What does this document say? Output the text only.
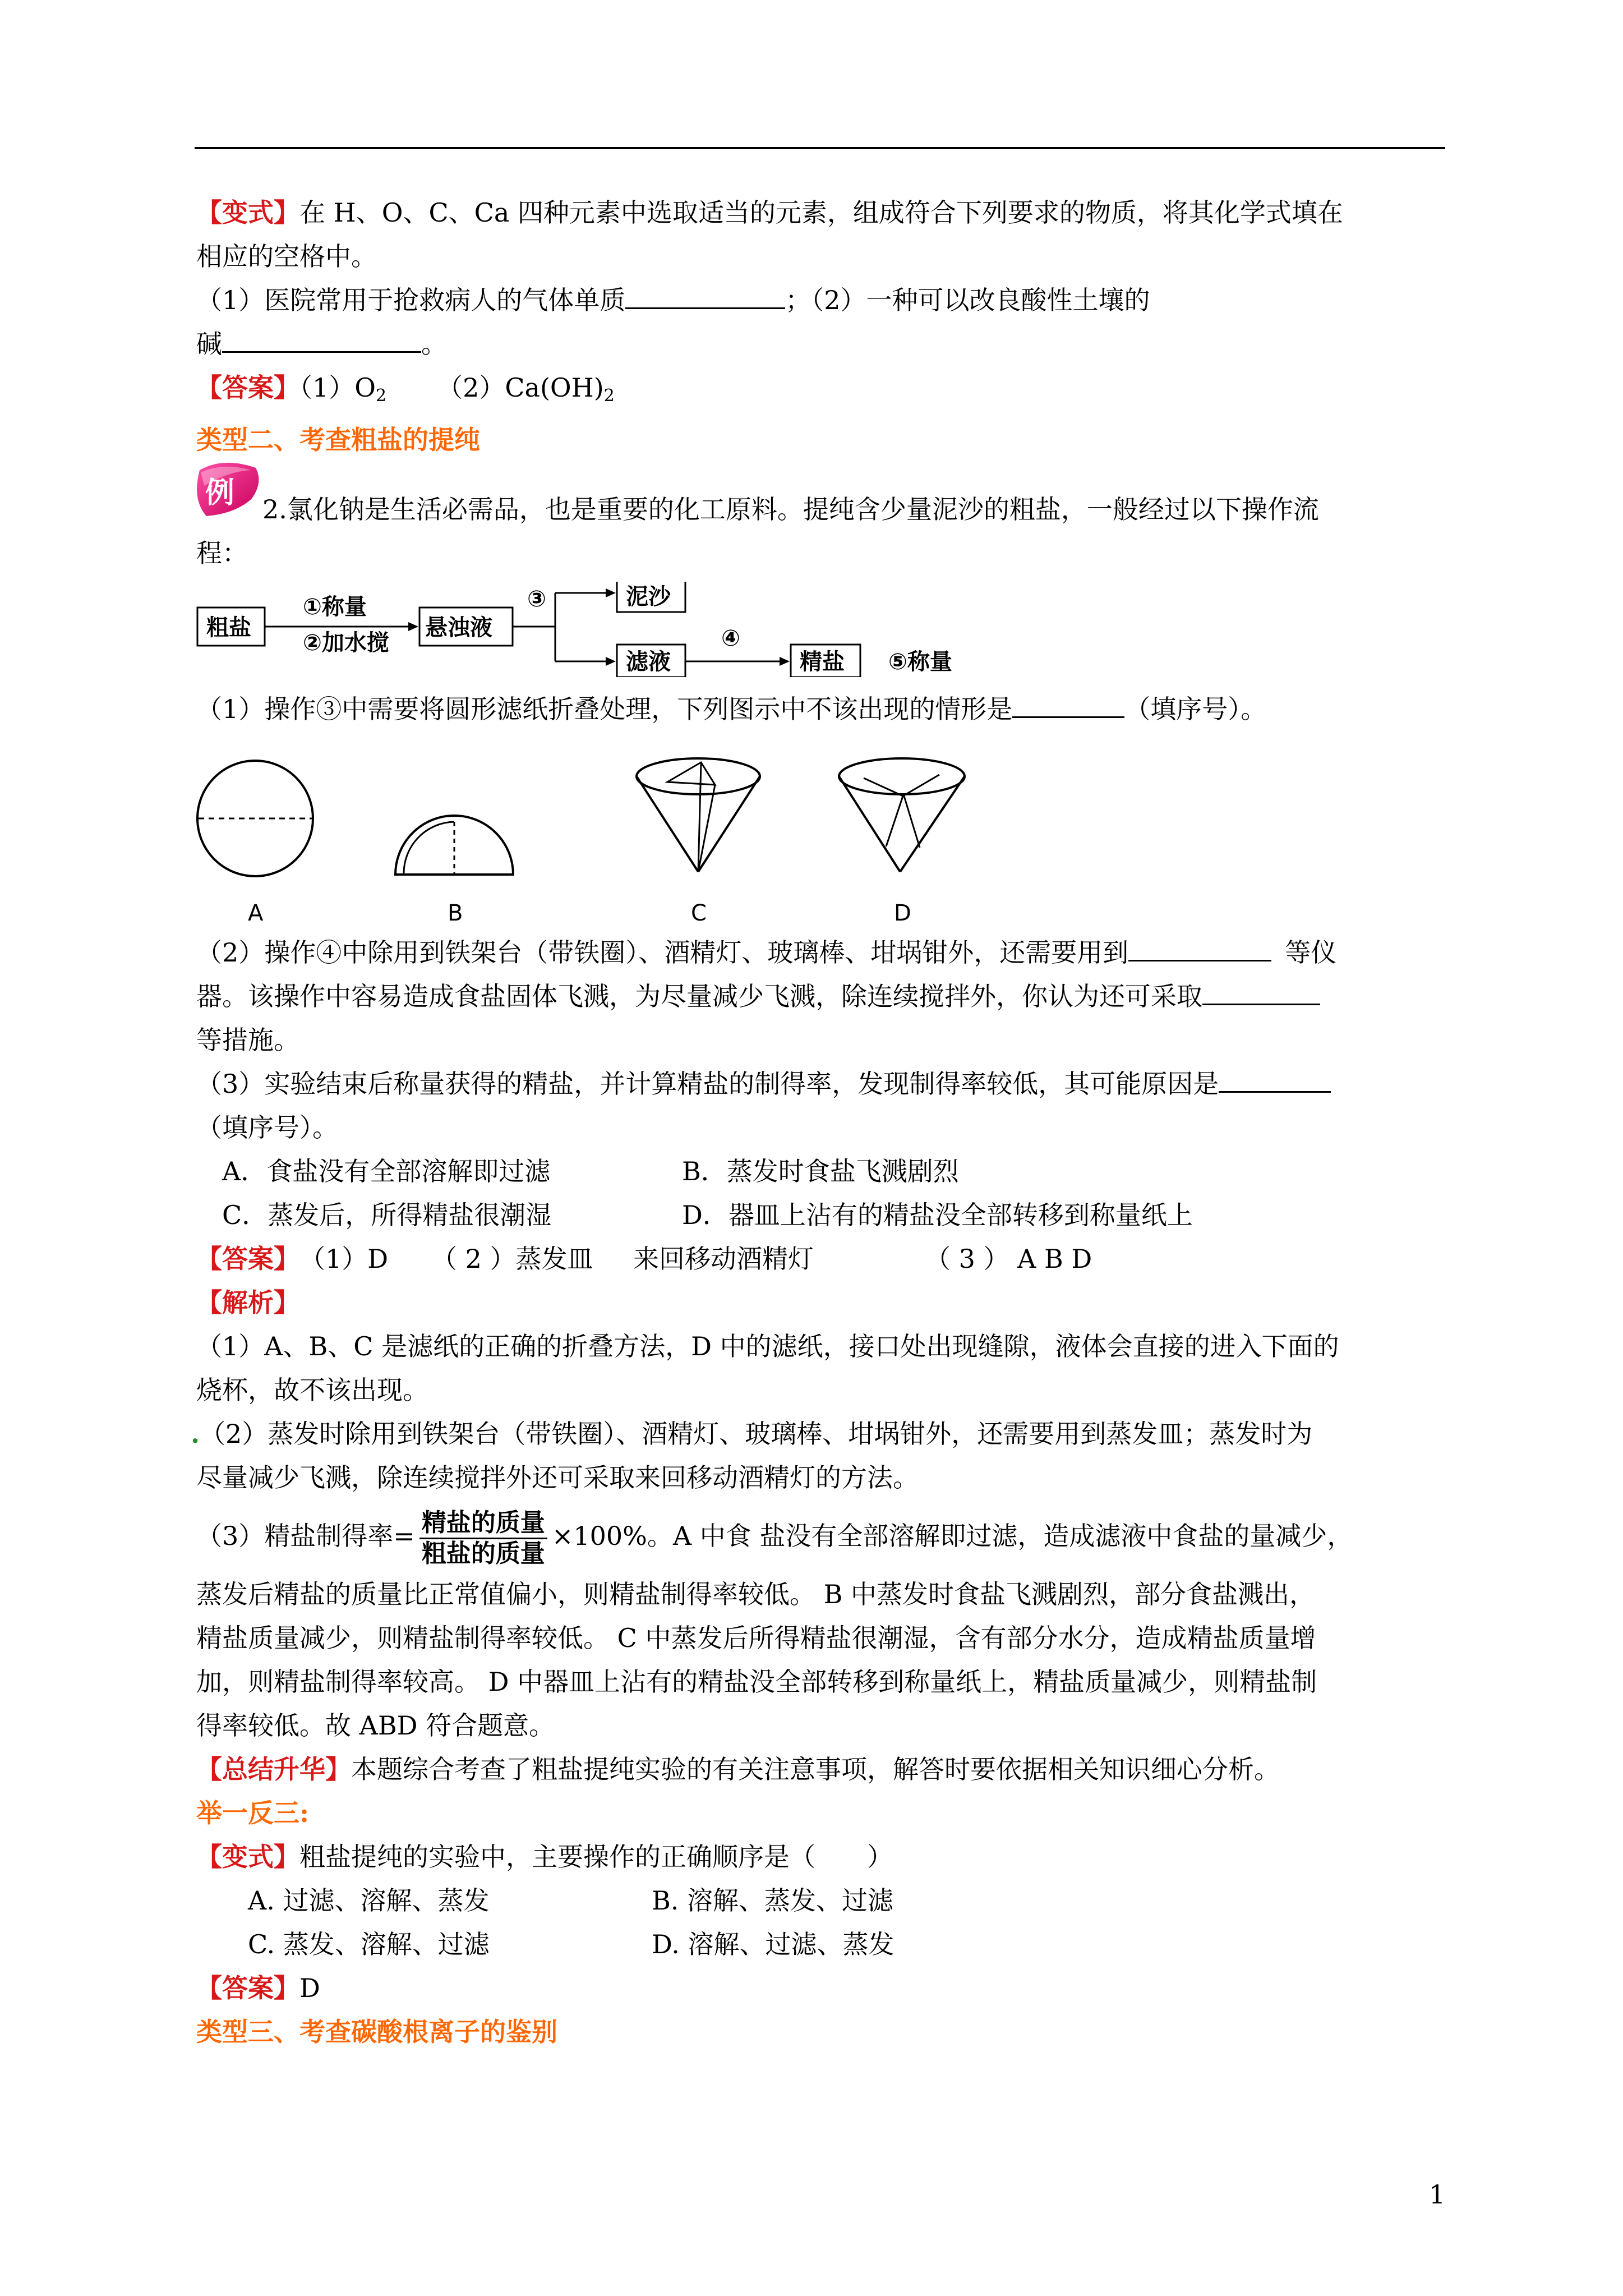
例

【变式】在 H、O、C、Ca 四种元素中选取适当的元素，组成符合下列要求的物质，将其化学式填在

相应的空格中。

（1）医院常用于抢救病人的气体单质	；（2）一种可以改良酸性土壤的

碱	。

【答案】$(1)O_2$ $(2)Ca(OH)_2$

类型二、考查粗盐的提纯

2.氯化钠是生活必需品，也是重要的化工原料。提纯含少量泥沙的粗盐，一般经过以下操作流

程：

粗盐
①称量
②加水搅
悬浊液
③	泥沙
滤液
④
精盐 ⑤称量

（1）操作③中需要将圆形滤纸折叠处理，下列图示中不该出现的情形是	（填序号）。

A	B	C	D

（2）操作④中除用到铁架台（带铁圈）、酒精灯、玻璃棒、坩埚钳外，还需要用到	等仪

器。该操作中容易造成食盐固体飞溅，为尽量减少飞溅，除连续搅拌外，你认为还可采取

等措施。

（3）实验结束后称量获得的精盐，并计算精盐的制得率，发现制得率较低，其可能原因是

（填序号）。

A．食盐没有全部溶解即过滤	B．蒸发时食盐飞溅剧烈
C．蒸发后，所得精盐很潮湿	D．器皿上沾有的精盐没全部转移到称量纸上

【答案】（1）D （ 2 ）蒸发皿 来回移动酒精灯	（ 3 ） A B D

【解析】

（1）A、B、C 是滤纸的正确的折叠方法，D 中的滤纸，接口处出现缝隙，液体会直接的进入下面的

烧杯，故不该出现。

.（2）蒸发时除用到铁架台（带铁圈）、酒精灯、玻璃棒、坩埚钳外，还需要用到蒸发皿；蒸发时为

尽量减少飞溅，除连续搅拌外还可采取来回移动酒精灯的方法。

（3）精盐制得率= $\frac{\text{精盐的质量}}{\text{粗盐的质量}} \times 100\%$。A 中食 盐没有全部溶解即过滤，造成滤液中食盐的量减少，

蒸发后精盐的质量比正常值偏小，则精盐制得率较低。 B 中蒸发时食盐飞溅剧烈，部分食盐溅出，

精盐质量减少，则精盐制得率较低。 C 中蒸发后所得精盐很潮湿，含有部分水分，造成精盐质量增

加，则精盐制得率较高。 D 中器皿上沾有的精盐没全部转移到称量纸上，精盐质量减少，则精盐制

得率较低。故 ABD 符合题意。

【总结升华】本题综合考查了粗盐提纯实验的有关注意事项，解答时要依据相关知识细心分析。

举一反三:

【变式】粗盐提纯的实验中，主要操作的正确顺序是（　　）

A. 过滤、溶解、蒸发	B. 溶解、蒸发、过滤
C. 蒸发、溶解、过滤	D. 溶解、过滤、蒸发

【答案】D

类型三、考查碳酸根离子的鉴别

1
